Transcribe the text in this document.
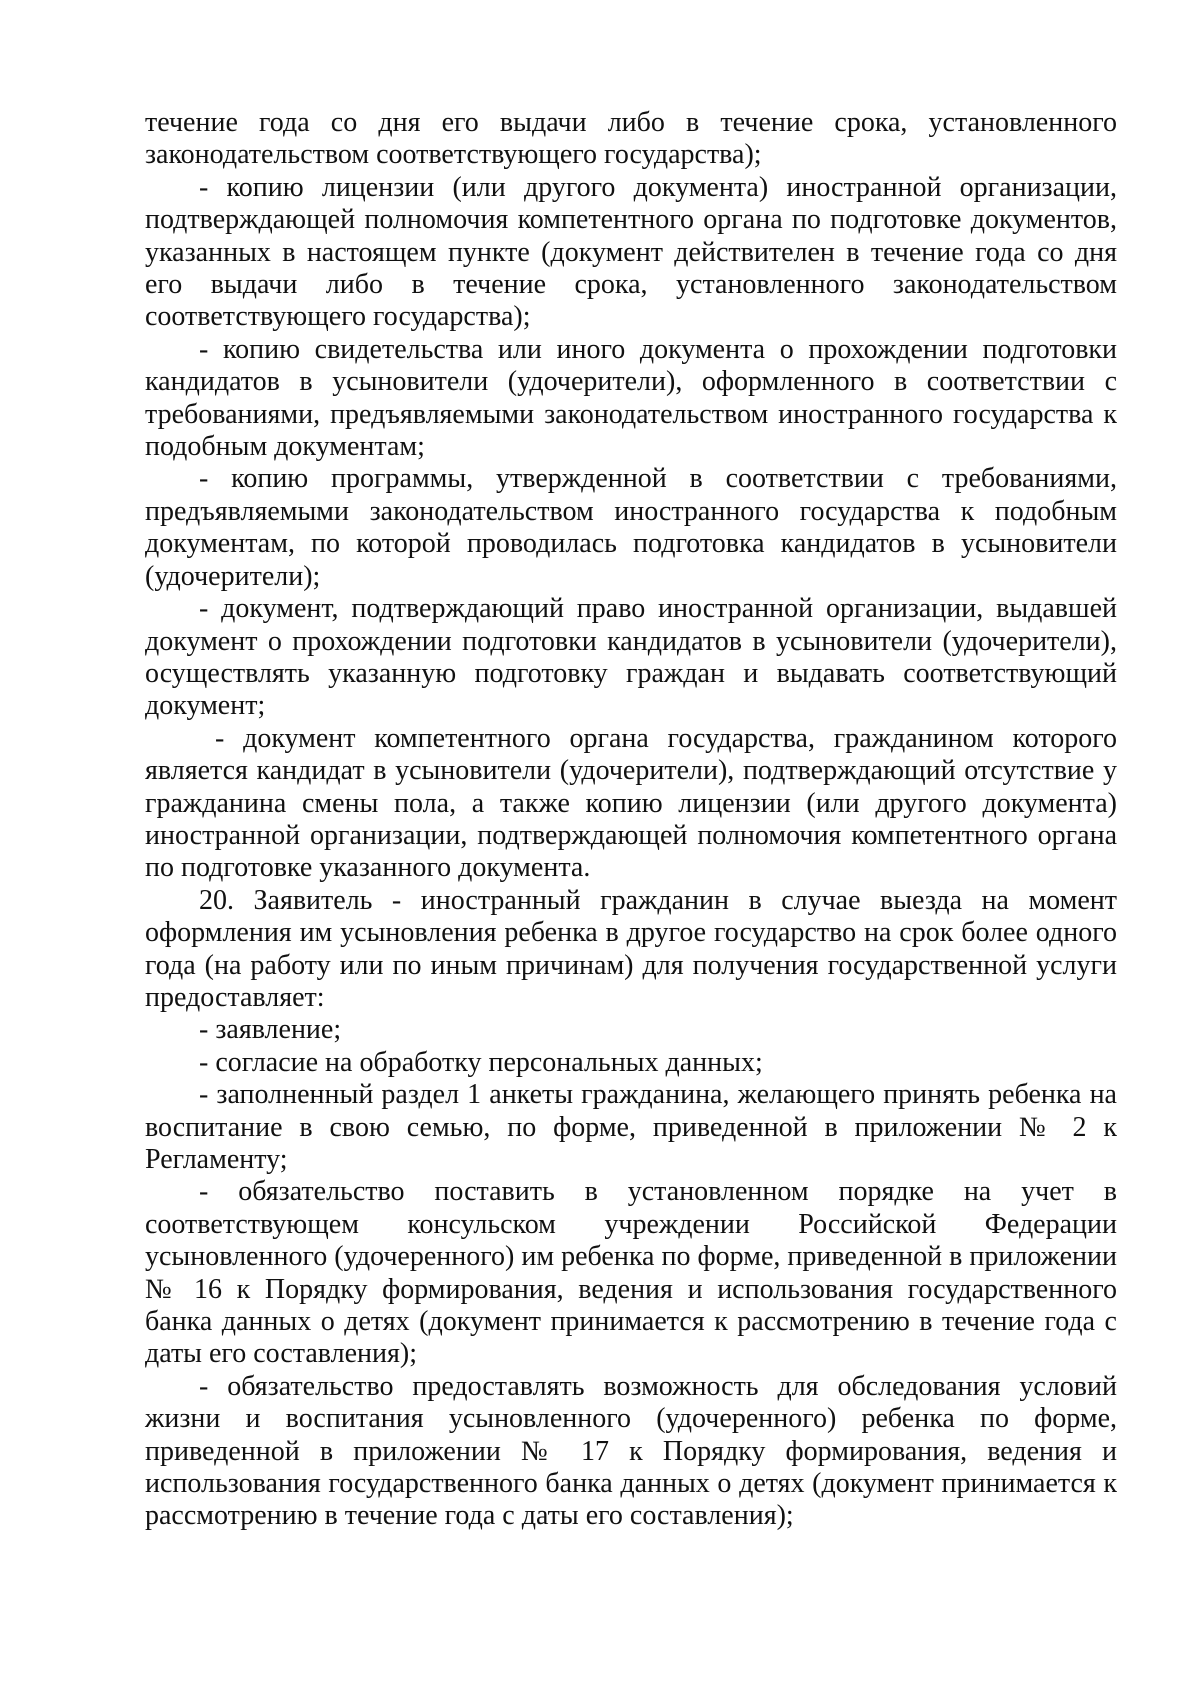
течение года со дня его выдачи либо в течение срока, установленного законодательством соответствующего государства);

- копию лицензии (или другого документа) иностранной организации, подтверждающей полномочия компетентного органа по подготовке документов, указанных в настоящем пункте (документ действителен в течение года со дня его выдачи либо в течение срока, установленного законодательством соответствующего государства);

- копию свидетельства или иного документа о прохождении подготовки кандидатов в усыновители (удочерители), оформленного в соответствии с требованиями, предъявляемыми законодательством иностранного государства к подобным документам;

- копию программы, утвержденной в соответствии с требованиями, предъявляемыми законодательством иностранного государства к подобным документам, по которой проводилась подготовка кандидатов в усыновители (удочерители);

- документ, подтверждающий право иностранной организации, выдавшей документ о прохождении подготовки кандидатов в усыновители (удочерители), осуществлять указанную подготовку граждан и выдавать соответствующий документ;

- документ компетентного органа государства, гражданином которого является кандидат в усыновители (удочерители), подтверждающий отсутствие у гражданина смены пола, а также копию лицензии (или другого документа) иностранной организации, подтверждающей полномочия компетентного органа по подготовке указанного документа.

20. Заявитель - иностранный гражданин в случае выезда на момент оформления им усыновления ребенка в другое государство на срок более одного года (на работу или по иным причинам) для получения государственной услуги предоставляет:

- заявление;

- согласие на обработку персональных данных;

- заполненный раздел 1 анкеты гражданина, желающего принять ребенка на воспитание в свою семью, по форме, приведенной в приложении № 2 к Регламенту;

- обязательство поставить в установленном порядке на учет в соответствующем консульском учреждении Российской Федерации усыновленного (удочеренного) им ребенка по форме, приведенной в приложении № 16 к Порядку формирования, ведения и использования государственного банка данных о детях (документ принимается к рассмотрению в течение года с даты его составления);

- обязательство предоставлять возможность для обследования условий жизни и воспитания усыновленного (удочеренного) ребенка по форме, приведенной в приложении № 17 к Порядку формирования, ведения и использования государственного банка данных о детях (документ принимается к рассмотрению в течение года с даты его составления);
